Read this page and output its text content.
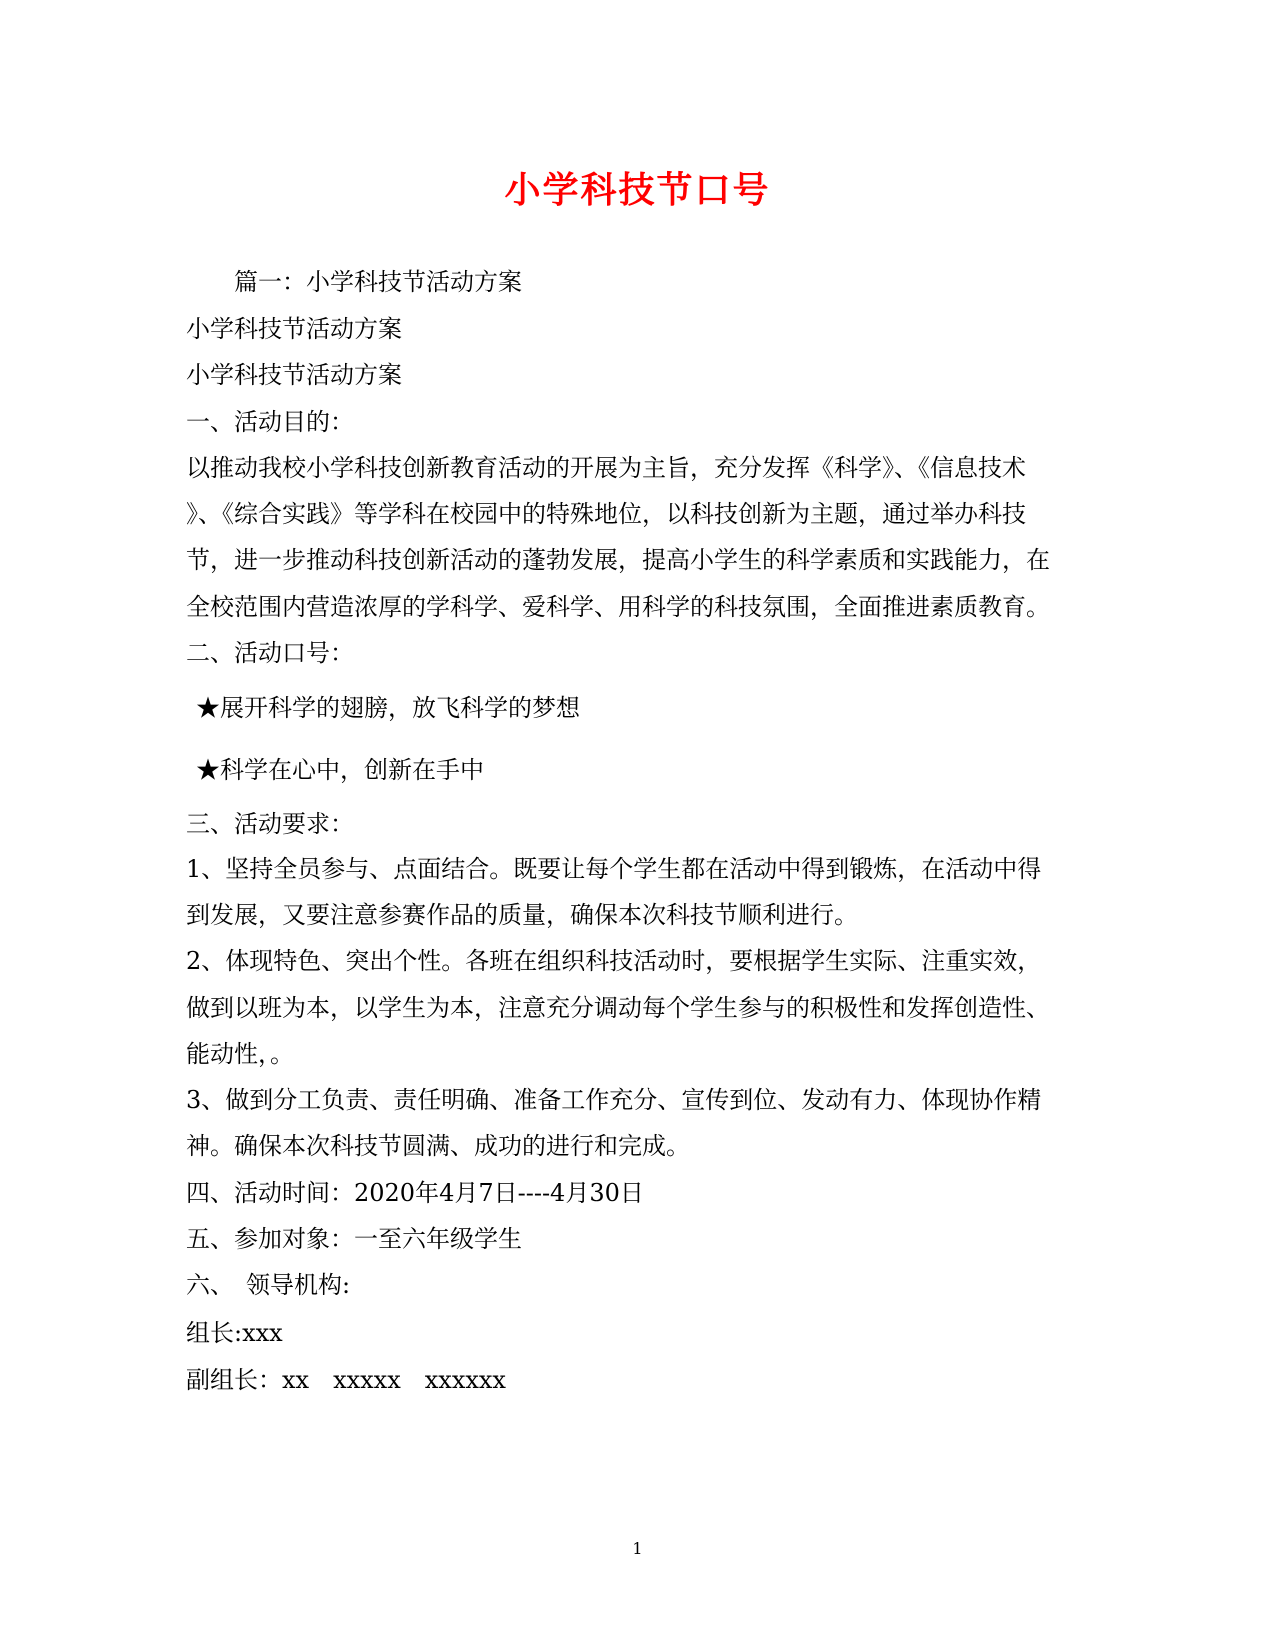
小学科技节口号
篇一：小学科技节活动方案
小学科技节活动方案
小学科技节活动方案
一、活动目的：
以推动我校小学科技创新教育活动的开展为主旨，充分发挥《科学》、《信息技术
》、《综合实践》等学科在校园中的特殊地位，以科技创新为主题，通过举办科技
节，进一步推动科技创新活动的蓬勃发展，提高小学生的科学素质和实践能力，在
全校范围内营造浓厚的学科学、爱科学、用科学的科技氛围，全面推进素质教育。
二、活动口号：
★展开科学的翅膀，放飞科学的梦想
★科学在心中，创新在手中
三、活动要求：
1、坚持全员参与、点面结合。既要让每个学生都在活动中得到锻炼，在活动中得
到发展，又要注意参赛作品的质量，确保本次科技节顺利进行。
2、体现特色、突出个性。各班在组织科技活动时，要根据学生实际、注重实效，
做到以班为本，以学生为本，注意充分调动每个学生参与的积极性和发挥创造性、
能动性，。
3、做到分工负责、责任明确、准备工作充分、宣传到位、发动有力、体现协作精
神。确保本次科技节圆满、成功的进行和完成。
四、活动时间：2020年4月7日----4月30日
五、参加对象：一至六年级学生
六、　领导机构:
组长:xxx
副组长：xx　xxxxx　xxxxxx
1
